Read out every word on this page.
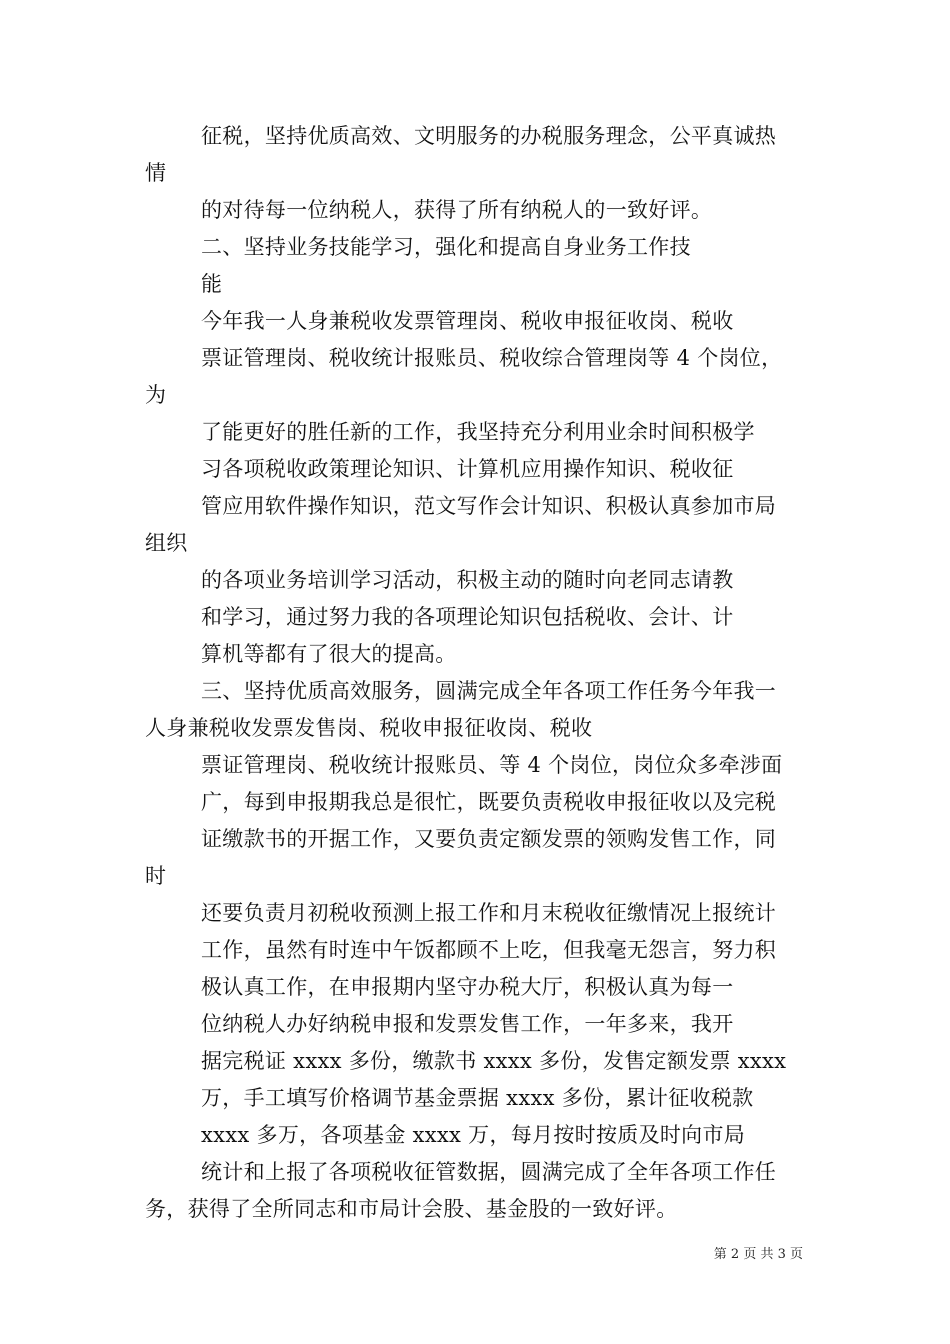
征税，坚持优质高效、文明服务的办税服务理念，公平真诚热
情
的对待每一位纳税人，获得了所有纳税人的一致好评。
二、坚持业务技能学习，强化和提高自身业务工作技
能
今年我一人身兼税收发票管理岗、税收申报征收岗、税收
票证管理岗、税收统计报账员、税收综合管理岗等 4 个岗位，
为
了能更好的胜任新的工作，我坚持充分利用业余时间积极学
习各项税收政策理论知识、计算机应用操作知识、税收征
管应用软件操作知识，范文写作会计知识、积极认真参加市局
组织
的各项业务培训学习活动，积极主动的随时向老同志请教
和学习，通过努力我的各项理论知识包括税收、会计、计
算机等都有了很大的提高。
三、坚持优质高效服务，圆满完成全年各项工作任务今年我一
人身兼税收发票发售岗、税收申报征收岗、税收
票证管理岗、税收统计报账员、等 4 个岗位，岗位众多牵涉面
广，每到申报期我总是很忙，既要负责税收申报征收以及完税
证缴款书的开据工作，又要负责定额发票的领购发售工作，同
时
还要负责月初税收预测上报工作和月末税收征缴情况上报统计
工作，虽然有时连中午饭都顾不上吃，但我毫无怨言，努力积
极认真工作，在申报期内坚守办税大厅，积极认真为每一
位纳税人办好纳税申报和发票发售工作，一年多来，我开
据完税证 xxxx 多份，缴款书 xxxx 多份，发售定额发票 xxxx
万，手工填写价格调节基金票据 xxxx 多份，累计征收税款
xxxx 多万，各项基金 xxxx 万，每月按时按质及时向市局
统计和上报了各项税收征管数据，圆满完成了全年各项工作任
务，获得了全所同志和市局计会股、基金股的一致好评。
第 2 页 共 3 页
